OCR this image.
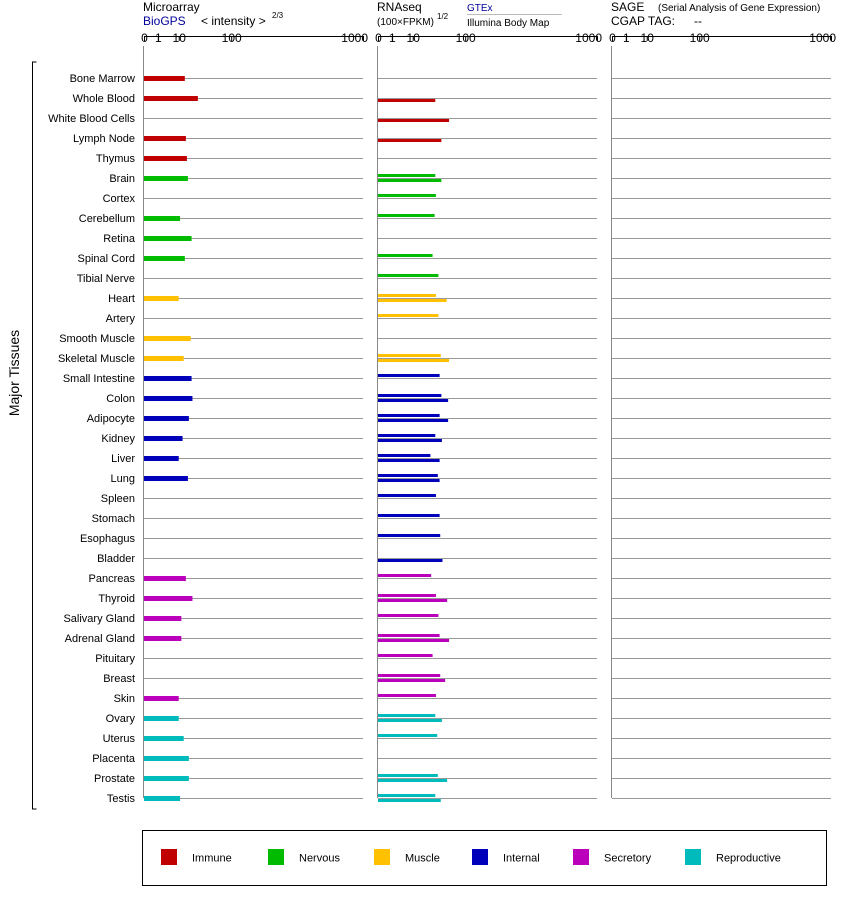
Microarray
BioGPS < intensity > 2/3
RNAseq
(100×FPKM)
1/2
GTEx
Illumina Body Map
SAGE (Serial Analysis of Gene Expression)
CGAP TAG: --
Major Tissues
Bone Marrow
Whole Blood
White Blood Cells
Lymph Node
Thymus
Brain
Cortex
Cerebellum
Retina
Spinal Cord
Tibial Nerve
Heart
Artery
Smooth Muscle
Skeletal Muscle
Small Intestine
Colon
Adipocyte
Kidney
Liver
Lung
Spleen
Stomach
Esophagus
Bladder
Pancreas
Thyroid
Salivary Gland
Adrenal Gland
Pituitary
Breast
Skin
Ovary
Uterus
Placenta
Prostate
Testis
0 1 10	100	1000 0 1 10	100	1000 0 1 10	100	1000
Immune	Nervous	Muscle	Internal	Secretory	Reproductive
